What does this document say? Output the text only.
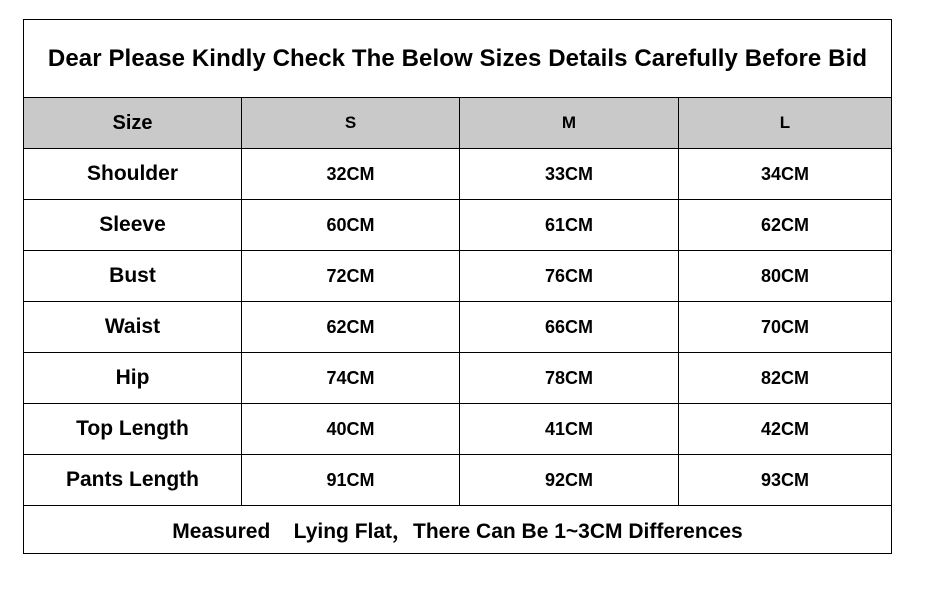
Dear Please Kindly Check The Below Sizes Details Carefully Before Bid
Size	S	M	L
Shoulder	32CM	33CM	34CM
Sleeve	60CM	61CM	62CM
Bust	72CM	76CM	80CM
Waist	62CM	66CM	70CM
Hip	74CM	78CM	82CM
Top Length	40CM	41CM	42CM
Pants Length	91CM	92CM	93CM
Measured    Lying Flat，There Can Be 1~3CM Differences
